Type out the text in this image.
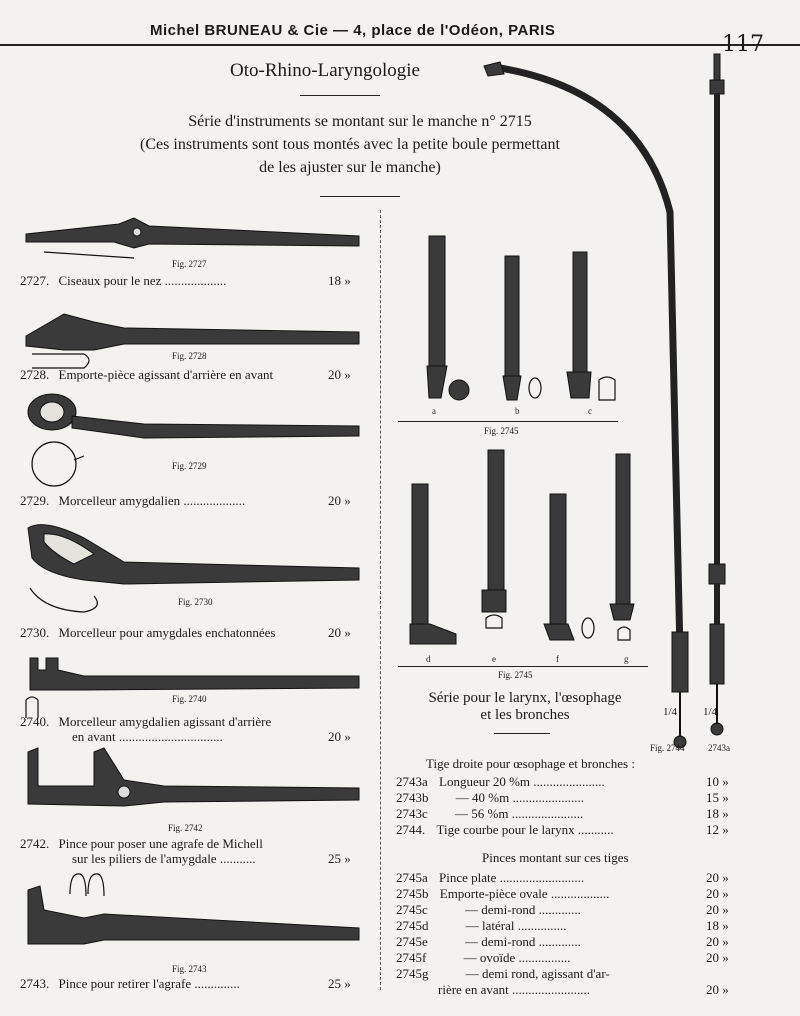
Michel BRUNEAU & Cie — 4, place de l'Odéon, PARIS
117
Oto-Rhino-Laryngologie
Série d'instruments se montant sur le manche n° 2715
(Ces instruments sont tous montés avec la petite boule permettant
de les ajuster sur le manche)
Fig. 2727
2727. Ciseaux pour le nez ...................	18 »
Fig. 2728
2728. Emporte-pièce agissant d'arrière en avant	20 »
Fig. 2729
2729. Morcelleur amygdalien ...................	20 »
Fig. 2730
2730. Morcelleur pour amygdales enchatonnées	20 »
Fig. 2740
2740. Morcelleur amygdalien agissant d'arrière
en avant ................................	20 »
Fig. 2742
2742. Pince pour poser une agrafe de Michell
sur les piliers de l'amygdale ...........	25 »
Fig. 2743
2743. Pince pour retirer l'agrafe ..............	25 »
a	b	c
Fig. 2745
d	e	f	g
Fig. 2745
1/4 1/4
Fig. 2744	2743a
Série pour le larynx, l'œsophage
et les bronches
Tige droite pour œsophage et bronches :
2743a Longueur 20 %m ......................	10 »
2743b — 40 %m ......................	15 »
2743c — 56 %m ......................	18 »
2744. Tige courbe pour le larynx ...........	12 »
Pinces montant sur ces tiges
2745a Pince plate ..........................	20 »
2745b Emporte-pièce ovale ..................	20 »
2745c	— demi-rond .............	20 »
2745d	— latéral ...............	18 »
2745e	— demi-rond .............	20 »
2745f	— ovoïde ................	20 »
2745g	— demi rond, agissant d'ar-
rière en avant ........................	20 »
